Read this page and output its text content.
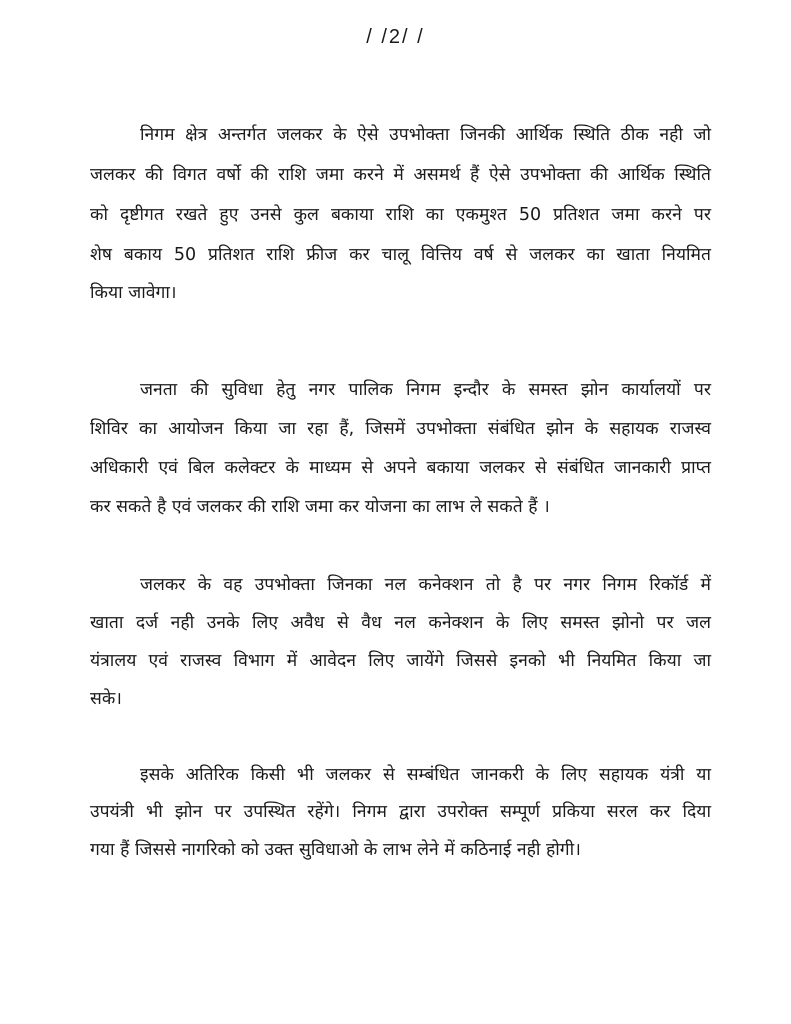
/ /2/ /
निगम क्षेत्र अन्तर्गत जलकर के ऐसे उपभोक्ता जिनकी आर्थिक स्थिति ठीक नही जो
जलकर की विगत वर्षो की राशि जमा करने में असमर्थ हैं ऐसे उपभोक्ता की आर्थिक स्थिति
को दृष्टीगत रखते हुए उनसे कुल बकाया राशि का एकमुश्त 50 प्रतिशत जमा करने पर
शेष बकाय 50 प्रतिशत राशि फ्रीज कर चालू वित्तिय वर्ष से जलकर का खाता नियमित
किया जावेगा।
जनता की सुविधा हेतु नगर पालिक निगम इन्दौर के समस्त झोन कार्यालयों पर
शिविर का आयोजन किया जा रहा हैं, जिसमें उपभोक्ता संबंधित झोन के सहायक राजस्व
अधिकारी एवं बिल कलेक्टर के माध्यम से अपने बकाया जलकर से संबंधित जानकारी प्राप्त
कर सकते है एवं जलकर की राशि जमा कर योजना का लाभ ले सकते हैं ।
जलकर के वह उपभोक्ता जिनका नल कनेक्शन तो है पर नगर निगम रिकॉर्ड में
खाता दर्ज नही उनके लिए अवैध से वैध नल कनेक्शन के लिए समस्त झोनो पर जल
यंत्रालय एवं राजस्व विभाग में आवेदन लिए जायेंगे जिससे इनको भी नियमित किया जा
सके।
इसके अतिरिक किसी भी जलकर से सम्बंधित जानकरी के लिए सहायक यंत्री या
उपयंत्री भी झोन पर उपस्थित रहेंगे। निगम द्वारा उपरोक्त सम्पूर्ण प्रकिया सरल कर दिया
गया हैं जिससे नागरिको को उक्त सुविधाओ के लाभ लेने में कठिनाई नही होगी।
